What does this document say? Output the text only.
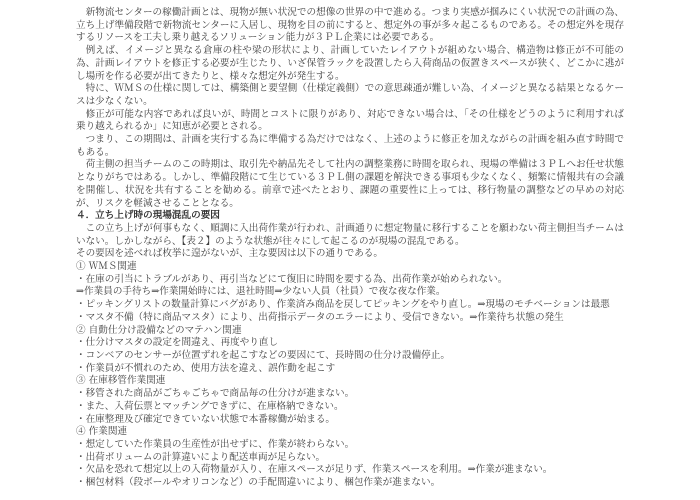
新物流センターの稼働計画とは、現物が無い状況での想像の世界の中で進める。つまり実感が掴みにくい状況での計画の為、立ち上げ準備段階で新物流センターに入居し、現物を目の前にすると、想定外の事が多々起こるものである。その想定外を現存するリソースを工夫し乗り越えるソリューション能力が３ＰＬ企業には必要である。

例えば、イメージと異なる倉庫の柱や梁の形状により、計画していたレイアウトが組めない場合、構造物は修正が不可能の為、計画レイアウトを修正する必要が生じたり、いざ保管ラックを設置したら入荷商品の仮置きスペースが狭く、どこかに逃がし場所を作る必要が出てきたりと、様々な想定外が発生する。

特に、ＷＭＳの仕様に関しては、構築側と要望側（仕様定義側）での意思疎通が難しい為、イメージと異なる結果となるケースは少なくない。

修正が可能な内容であれば良いが、時間とコストに限りがあり、対応できない場合は、「その仕様をどうのように利用すれば乗り越えられるか」に知恵が必要とされる。

つまり、この期間は、計画を実行する為に準備する為だけではなく、上述のように修正を加えながらの計画を組み直す時間でもある。

荷主側の担当チームのこの時期は、取引先や納品先そして社内の調整業務に時間を取られ、現場の準備は３ＰＬへお任せ状態となりがちではある。しかし、準備段階にて生じている３ＰＬ側の課題を解決できる事項も少なくなく、頻繁に情報共有の会議を開催し、状況を共有することを勧める。前章で述べたとおり、課題の重要性に上っては、移行物量の調整などの早めの対応が、リスクを軽減させることとなる。

４．立ち上げ時の現場混乱の要因

この立ち上げが何事もなく、順調に入出荷作業が行われ、計画通りに想定物量に移行することを願わない荷主側担当チームはいない。しかしながら、【表２】のような状態が往々にして起こるのが現場の混乱である。

その要因を述べれば枚挙に遑がないが、主な要因は以下の通りである。

① ＷＭＳ関連

・在庫の引当にトラブルがあり、再引当などにて復旧に時間を要する為、出荷作業が始められない。

⇒作業員の手待ち⇒作業開始時には、退社時間⇒少ない人員（社員）で夜な夜な作業。

・ピッキングリストの数量計算にバグがあり、作業済み商品を戻してピッキングをやり直し。⇒現場のモチベーションは最悪

・マスタ不備（特に商品マスタ）により、出荷指示データのエラーにより、受信できない。⇒作業待ち状態の発生

② 自動仕分け設備などのマテハン関連

・仕分けマスタの設定を間違え、再度やり直し

・コンベアのセンサーが位置ずれを起こすなどの要因にて、長時間の仕分け設備停止。

・作業員が不慣れのため、使用方法を違え、誤作動を起こす

③ 在庫移管作業関連

・移管された商品がごちゃごちゃで商品毎の仕分けが進まない。

・また、入荷伝票とマッチングできずに、在庫格納できない。

・在庫整理及び確定できていない状態で本番稼働が始まる。

④ 作業関連

・想定していた作業員の生産性が出せずに、作業が終わらない。

・出荷ボリュームの計算違いにより配送車両が足らない。

・欠品を恐れて想定以上の入荷物量が入り、在庫スペースが足りず、作業スペースを利用。⇒作業が進まない。

・梱包材料（段ボールやオリコンなど）の手配間違いにより、梱包作業が進まない。
